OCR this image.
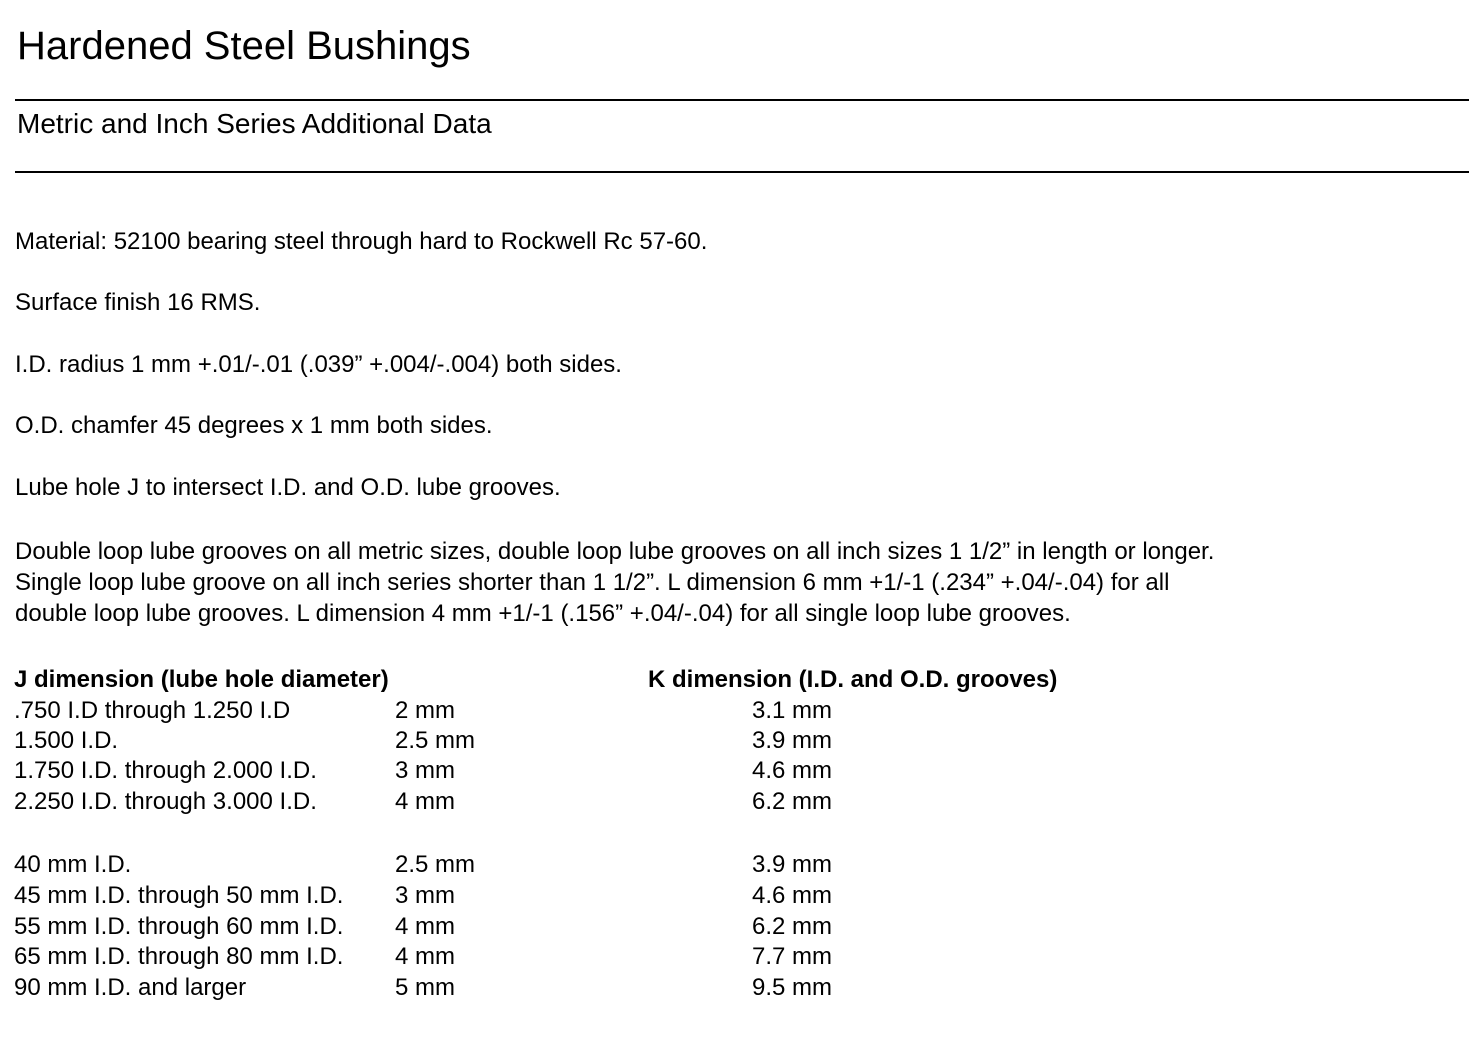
Hardened Steel Bushings
Metric and Inch Series Additional Data
Material: 52100 bearing steel through hard to Rockwell Rc 57-60.
Surface finish 16 RMS.
I.D. radius 1 mm +.01/-.01 (.039” +.004/-.004) both sides.
O.D. chamfer 45 degrees x 1 mm both sides.
Lube hole J to intersect I.D. and O.D. lube grooves.
Double loop lube grooves on all metric sizes, double loop lube grooves on all inch sizes 1 1/2” in length or longer.
Single loop lube groove on all inch series shorter than 1 1/2”. L dimension 6 mm +1/-1 (.234” +.04/-.04) for all
double loop lube grooves. L dimension 4 mm +1/-1 (.156” +.04/-.04) for all single loop lube grooves.
J dimension (lube hole diameter)	K dimension (I.D. and O.D. grooves)
.750 I.D through 1.250 I.D	2 mm	3.1 mm
1.500 I.D.	2.5 mm	3.9 mm
1.750 I.D. through 2.000 I.D.	3 mm	4.6 mm
2.250 I.D. through 3.000 I.D.	4 mm	6.2 mm
40 mm I.D.	2.5 mm	3.9 mm
45 mm I.D. through 50 mm I.D. 3 mm	4.6 mm
55 mm I.D. through 60 mm I.D. 4 mm	6.2 mm
65 mm I.D. through 80 mm I.D. 4 mm	7.7 mm
90 mm I.D. and larger	5 mm	9.5 mm
